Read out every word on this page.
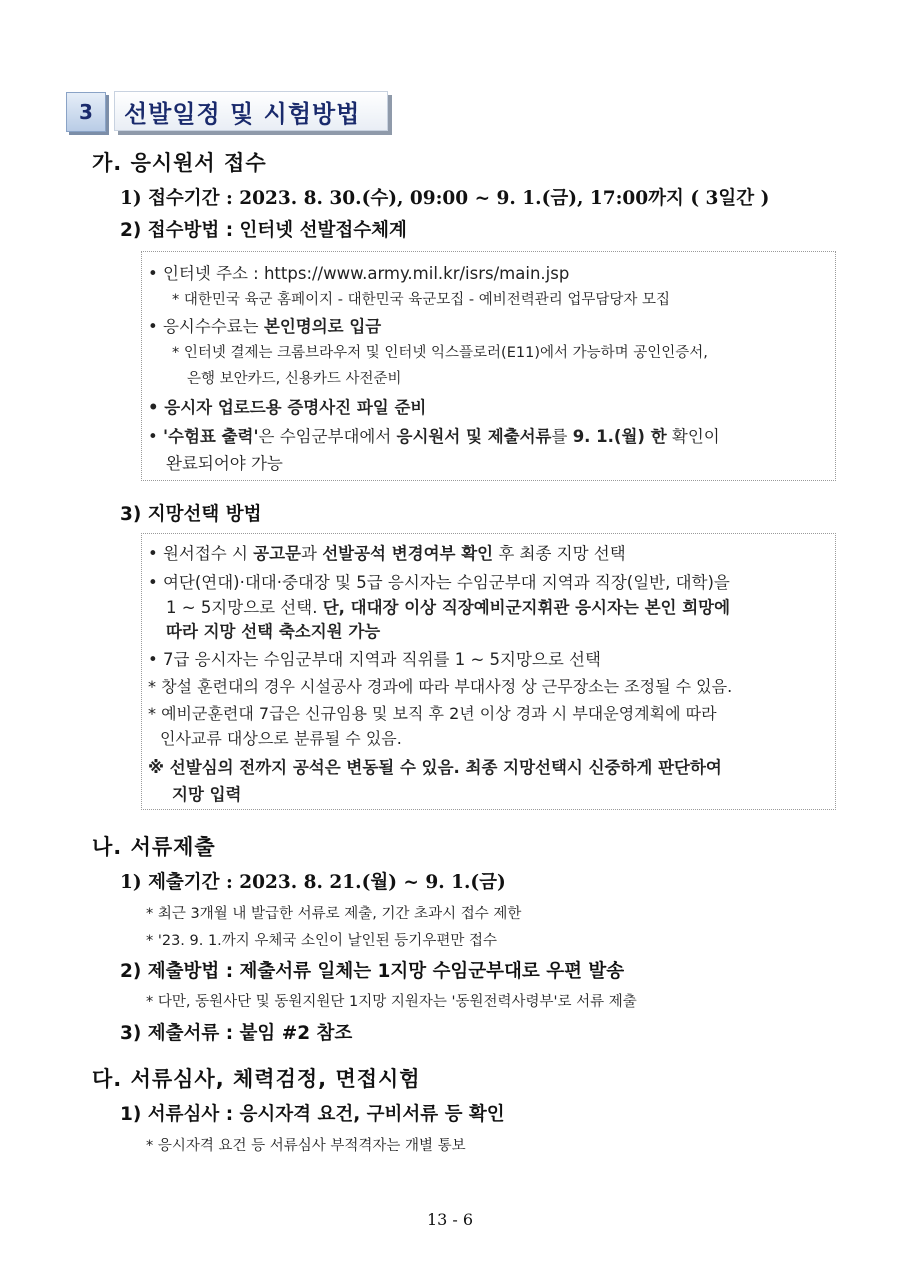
3	선발일정 및 시험방법
가. 응시원서 접수
1) 접수기간 : 2023. 8. 30.(수), 09:00 ~ 9. 1.(금), 17:00까지 ( 3일간 )
2) 접수방법 : 인터넷 선발접수체계
• 인터넷 주소 : https://www.army.mil.kr/isrs/main.jsp
* 대한민국 육군 홈페이지 - 대한민국 육군모집 - 예비전력관리 업무담당자 모집
• 응시수수료는 본인명의로 입금
* 인터넷 결제는 크롬브라우저 및 인터넷 익스플로러(E11)에서 가능하며 공인인증서,
은행 보안카드, 신용카드 사전준비
• 응시자 업로드용 증명사진 파일 준비
• '수험표 출력'은 수임군부대에서 응시원서 및 제출서류를 9. 1.(월) 한 확인이
완료되어야 가능
3) 지망선택 방법
• 원서접수 시 공고문과 선발공석 변경여부 확인 후 최종 지망 선택
• 여단(연대)·대대·중대장 및 5급 응시자는 수임군부대 지역과 직장(일반, 대학)을
1 ~ 5지망으로 선택. 단, 대대장 이상 직장예비군지휘관 응시자는 본인 희망에
따라 지망 선택 축소지원 가능
• 7급 응시자는 수임군부대 지역과 직위를 1 ~ 5지망으로 선택
* 창설 훈련대의 경우 시설공사 경과에 따라 부대사정 상 근무장소는 조정될 수 있음.
* 예비군훈련대 7급은 신규임용 및 보직 후 2년 이상 경과 시 부대운영계획에 따라
인사교류 대상으로 분류될 수 있음.
※ 선발심의 전까지 공석은 변동될 수 있음. 최종 지망선택시 신중하게 판단하여
지망 입력
나. 서류제출
1) 제출기간 : 2023. 8. 21.(월) ~ 9. 1.(금)
* 최근 3개월 내 발급한 서류로 제출, 기간 초과시 접수 제한
* '23. 9. 1.까지 우체국 소인이 날인된 등기우편만 접수
2) 제출방법 : 제출서류 일체는 1지망 수임군부대로 우편 발송
* 다만, 동원사단 및 동원지원단 1지망 지원자는 '동원전력사령부'로 서류 제출
3) 제출서류 : 붙임 #2 참조
다. 서류심사, 체력검정, 면접시험
1) 서류심사 : 응시자격 요건, 구비서류 등 확인
* 응시자격 요건 등 서류심사 부적격자는 개별 통보
13 - 6
